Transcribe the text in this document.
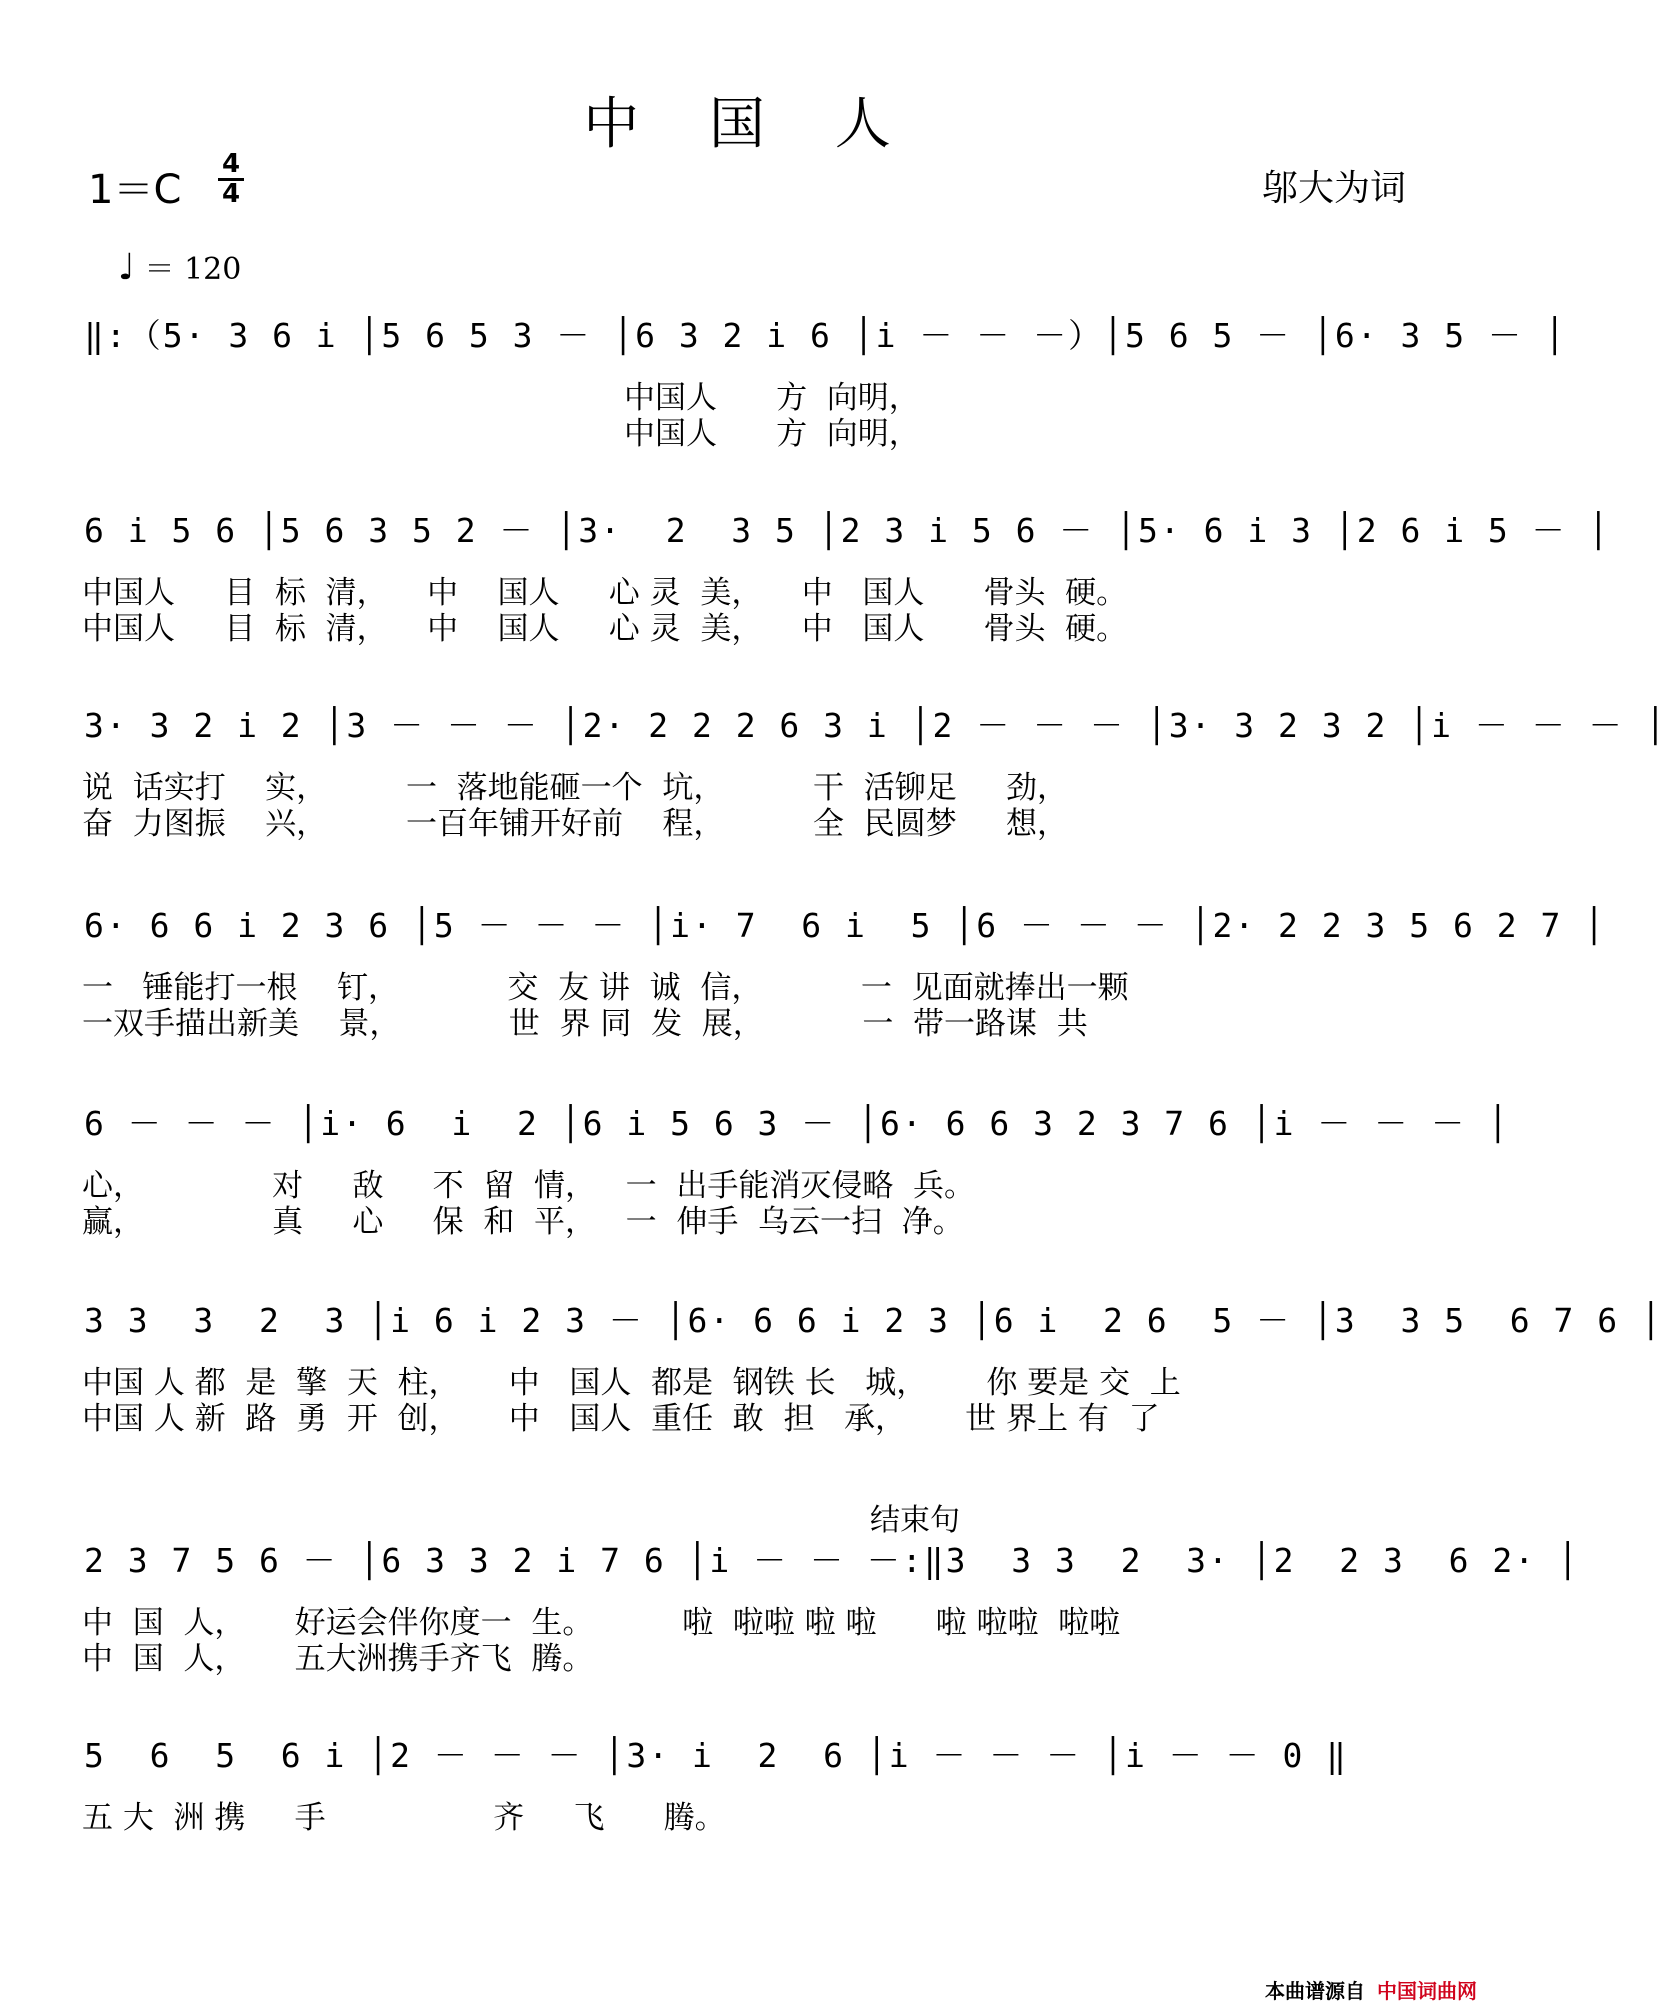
中 国 人
1＝C
4
4	邬大为词
♩ ＝ 120
‖:（5· 3 6 i │5 6 5 3 － │6 3 2 i 6 │i － － －）│5 6 5 － │6· 3 5 － │
中国人      方  向明，
中国人      方  向明，
6 i 5 6 │5 6 3 5 2 － │3·  2  3 5 │2 3 i 5 6 － │5· 6 i 3 │2 6 i 5 － │
中国人     目  标  清，    中    国人     心 灵  美，    中   国人      骨头  硬。
中国人     目  标  清，    中    国人     心 灵  美，    中   国人      骨头  硬。
3· 3 2 i 2 │3 － － － │2· 2 2 2 6 3 i │2 － － － │3· 3 2 3 2 │i － － － │
说  话实打    实，        一  落地能砸一个  坑，         干  活铆足     劲，
奋  力图振    兴，        一百年铺开好前    程，         全  民圆梦     想，
6· 6 6 i 2 3 6 │5 － － － │i· 7  6 i  5 │6 － － － │2· 2 2 3 5 6 2 7 │
一   锤能打一根    钉，           交  友 讲  诚  信，          一  见面就捧出一颗
一双手描出新美    景，           世  界 同  发  展，          一  带一路谋  共
6 － － － │i· 6  i  2 │6 i 5 6 3 － │6· 6 6 3 2 3 7 6 │i － － － │
心，             对     敌     不  留  情，   一  出手能消灭侵略  兵。
赢，             真     心     保  和  平，   一  伸手  乌云一扫  净。
3 3  3  2  3 │i 6 i 2 3 － │6· 6 6 i 2 3 │6 i  2 6  5 － │3  3 5  6 7 6 │
中国 人 都  是  擎  天  柱，     中   国人  都是  钢铁 长   城，      你 要是 交  上
中国 人 新  路  勇  开  创，     中   国人  重任  敢  担   承，      世 界上 有  了
结束句
2 3 7 5 6 － │6 3 3 2 i 7 6 │i － － －:‖3  3 3  2  3· │2  2 3  6 2· │
中  国  人，     好运会伴你度一  生。         啦  啦啦 啦 啦      啦 啦啦  啦啦
中  国  人，     五大洲携手齐飞  腾。
5  6  5  6 i │2 － － － │3· i  2  6 │i － － － │i － － 0 ‖
五 大  洲 携     手                 齐     飞      腾。
本曲谱源自 中国词曲网
